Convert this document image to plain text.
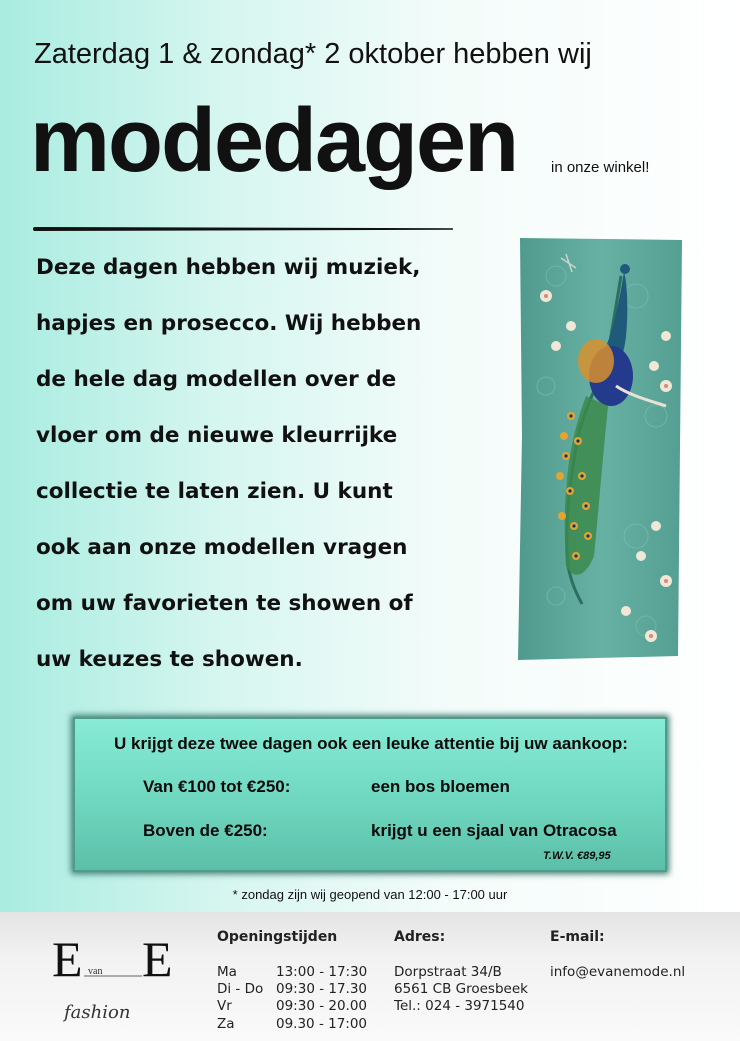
Zaterdag 1 & zondag* 2 oktober hebben wij
modedagen in onze winkel!
Deze dagen hebben wij muziek,
hapjes en prosecco. Wij hebben
de hele dag modellen over de
vloer om de nieuwe kleurrijke
collectie te laten zien. U kunt
ook aan onze modellen vragen
om uw favorieten te showen of
uw keuzes te showen.
U krijgt deze twee dagen ook een leuke attentie bij uw aankoop:
Van €100 tot €250:	een bos bloemen
Boven de €250:	krijgt u een sjaal van Otracosa
T.W.V. €89,95
* zondag zijn wij geopend van 12:00 - 17:00 uur
E van E
fashion
Openingstijden
Ma	13:00 - 17:30
Di - Do 09:30 - 17.30
Vr	09:30 - 20.00
Za	09.30 - 17:00
Adres:
Dorpstraat 34/B
6561 CB Groesbeek
Tel.: 024 - 3971540
E-mail:
info@evanemode.nl
